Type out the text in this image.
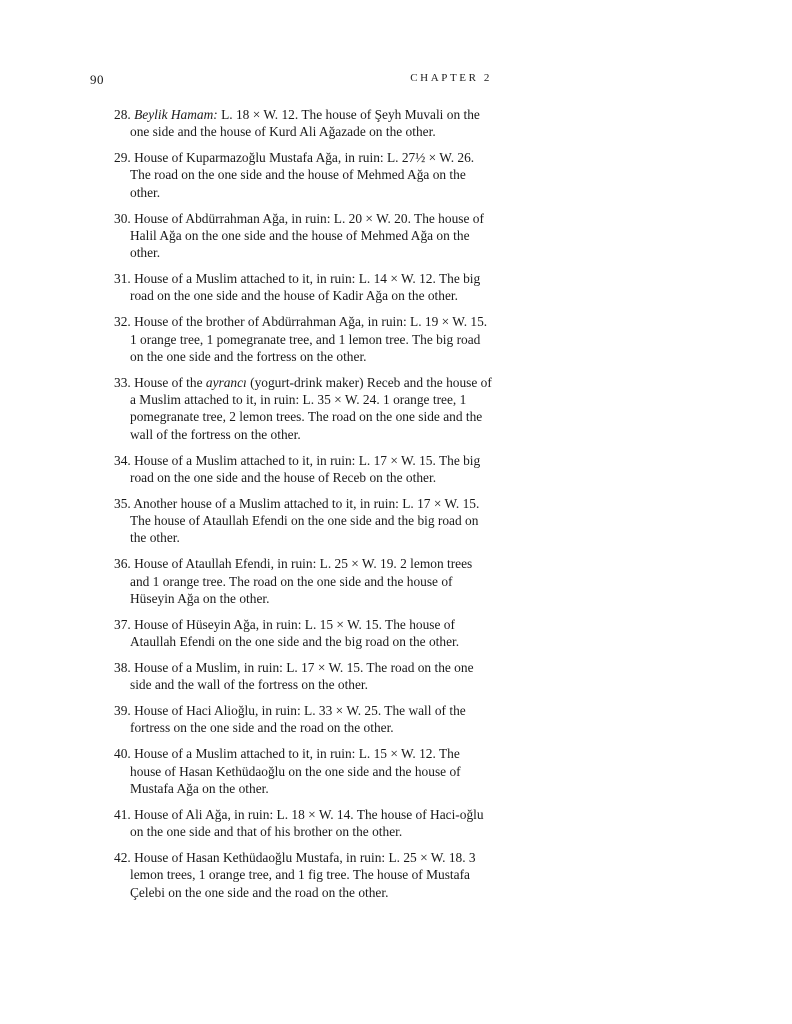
90	CHAPTER 2
28. Beylik Hamam: L. 18 × W. 12. The house of Şeyh Muvali on the one side and the house of Kurd Ali Ağazade on the other.
29. House of Kuparmazoğlu Mustafa Ağa, in ruin: L. 27½ × W. 26. The road on the one side and the house of Mehmed Ağa on the other.
30. House of Abdürrahman Ağa, in ruin: L. 20 × W. 20. The house of Halil Ağa on the one side and the house of Mehmed Ağa on the other.
31. House of a Muslim attached to it, in ruin: L. 14 × W. 12. The big road on the one side and the house of Kadir Ağa on the other.
32. House of the brother of Abdürrahman Ağa, in ruin: L. 19 × W. 15. 1 orange tree, 1 pomegranate tree, and 1 lemon tree. The big road on the one side and the fortress on the other.
33. House of the ayrancı (yogurt-drink maker) Receb and the house of a Muslim attached to it, in ruin: L. 35 × W. 24. 1 orange tree, 1 pomegranate tree, 2 lemon trees. The road on the one side and the wall of the fortress on the other.
34. House of a Muslim attached to it, in ruin: L. 17 × W. 15. The big road on the one side and the house of Receb on the other.
35. Another house of a Muslim attached to it, in ruin: L. 17 × W. 15. The house of Ataullah Efendi on the one side and the big road on the other.
36. House of Ataullah Efendi, in ruin: L. 25 × W. 19. 2 lemon trees and 1 orange tree. The road on the one side and the house of Hüseyin Ağa on the other.
37. House of Hüseyin Ağa, in ruin: L. 15 × W. 15. The house of Ataullah Efendi on the one side and the big road on the other.
38. House of a Muslim, in ruin: L. 17 × W. 15. The road on the one side and the wall of the fortress on the other.
39. House of Haci Alioğlu, in ruin: L. 33 × W. 25. The wall of the fortress on the one side and the road on the other.
40. House of a Muslim attached to it, in ruin: L. 15 × W. 12. The house of Hasan Kethüdaoğlu on the one side and the house of Mustafa Ağa on the other.
41. House of Ali Ağa, in ruin: L. 18 × W. 14. The house of Haci-oğlu on the one side and that of his brother on the other.
42. House of Hasan Kethüdaoğlu Mustafa, in ruin: L. 25 × W. 18. 3 lemon trees, 1 orange tree, and 1 fig tree. The house of Mustafa Çelebi on the one side and the road on the other.
